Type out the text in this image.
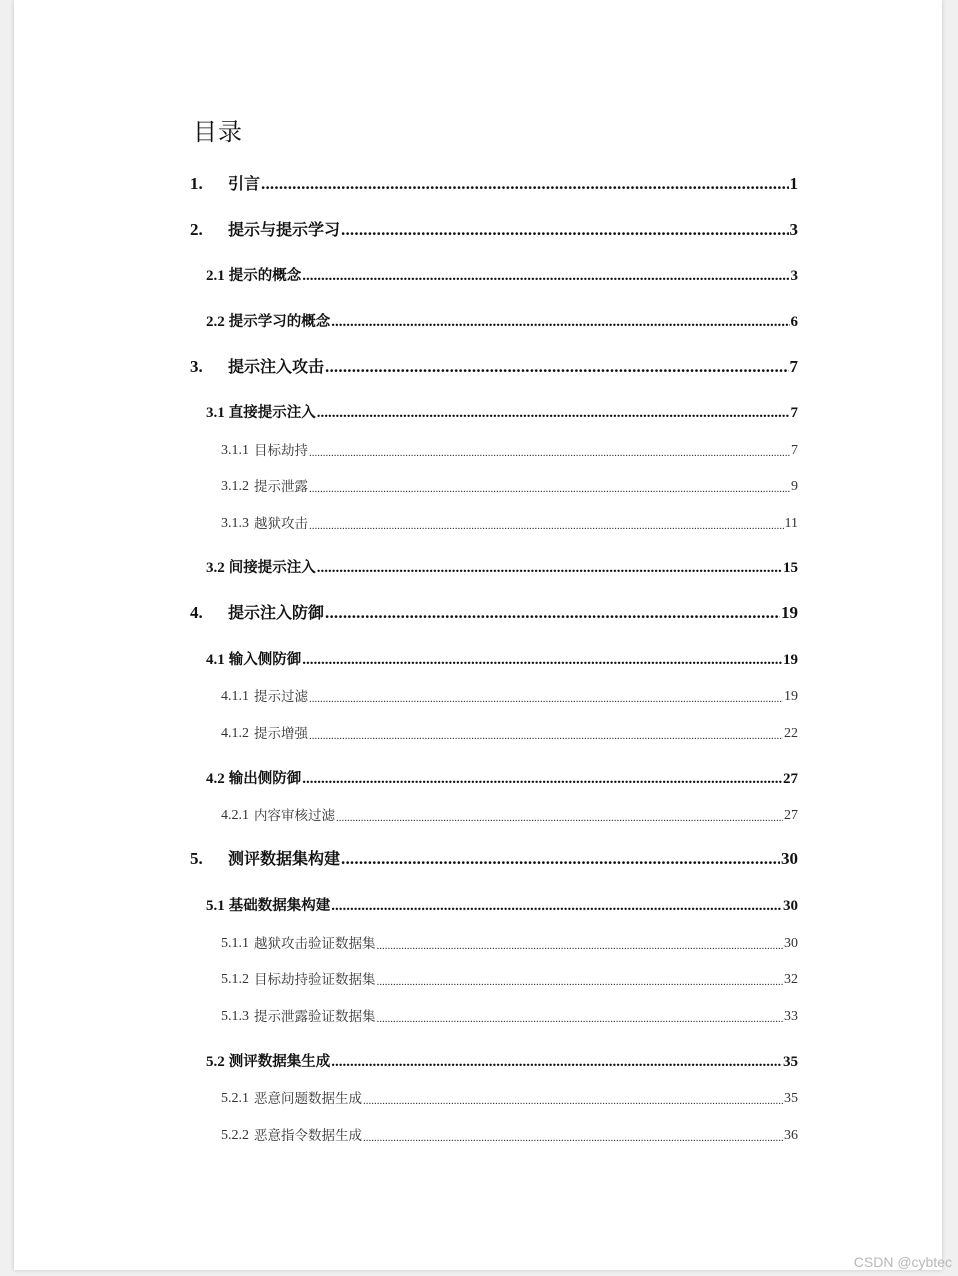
目录
1.	引言 .....	1
2.	提示与提示学习 .....	3
2.1 提示的概念 .....	3
2.2 提示学习的概念 .....	6
3.	提示注入攻击 .....	7
3.1 直接提示注入 .....	7
3.1.1 目标劫持 .....	7
3.1.2 提示泄露 .....	9
3.1.3 越狱攻击 .....	11
3.2 间接提示注入 .....	15
4.	提示注入防御 .....	19
4.1 输入侧防御 .....	19
4.1.1 提示过滤 .....	19
4.1.2 提示增强 .....	22
4.2 输出侧防御 .....	27
4.2.1 内容审核过滤 .....	27
5.	测评数据集构建 .....	30
5.1 基础数据集构建 .....	30
5.1.1 越狱攻击验证数据集 .....	30
5.1.2 目标劫持验证数据集 .....	32
5.1.3 提示泄露验证数据集 .....	33
5.2 测评数据集生成 .....	35
5.2.1 恶意问题数据生成 .....	35
5.2.2 恶意指令数据生成 .....	36
CSDN @cybtec
